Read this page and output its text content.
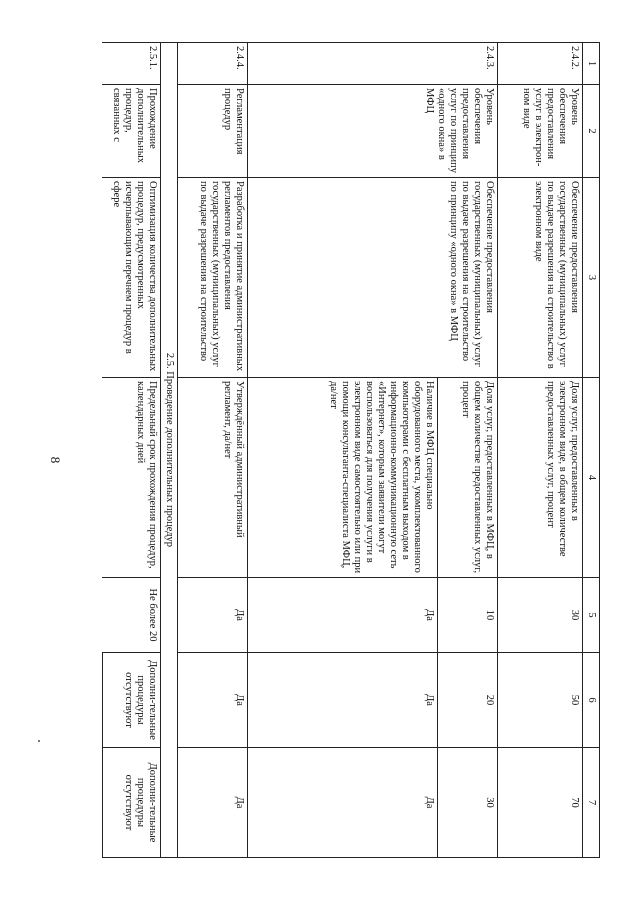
8
1	2	3	4	5	6	7
2.4.2.	Уровень обеспечения предоставления услуг в электрон-ном виде	Обеспечение предоставления государственных (муниципальных) услуг по выдаче разрешения на строительство в электронном виде	Доля услуг, предоставленных в электронном виде, в общем количестве предоставленных услуг, процент	30	50	70
2.4.3.	Уровень обеспечения предоставления услуг по принципу «одного окна» в МФЦ	Обеспечение предоставления государственных (муниципальных) услуг по выдаче разрешения на строительство по принципу «одного окна» в МФЦ	Доля услуг, предоставленных в МФЦ, в общем количестве предоставленных услуг, процент	10	20	30
			Наличие в МФЦ специально оборудованного места, укомплектованного компьютерами с бесплатным выходом в информационно-коммуникационную сеть «Интернет», которым заявители могут воспользоваться для получения услуги в электронном виде самостоятельно или при помощи консультанта-специалиста МФЦ, да/нет	Да	Да	Да
2.4.4.	Регламентация процедур	Разработка и принятие административных регламентов предоставления государственных (муниципальных) услуг по выдаче разрешения на строительство	Утверждённый административный регламент, да/нет	Да	Да	Да
2.5. Проведение дополнительных процедур						
2.5.1.	Прохождение дополнительных процедур, связанных с	Оптимизация количества дополнительных процедур, предусмотренных исчерпывающим перечнем процедур в сфере	Предельный срок прохождения процедур, календарных дней	Не более 20	Дополни-тельные процедуры отсутствуют	Дополни-тельные процедуры отсутствуют
